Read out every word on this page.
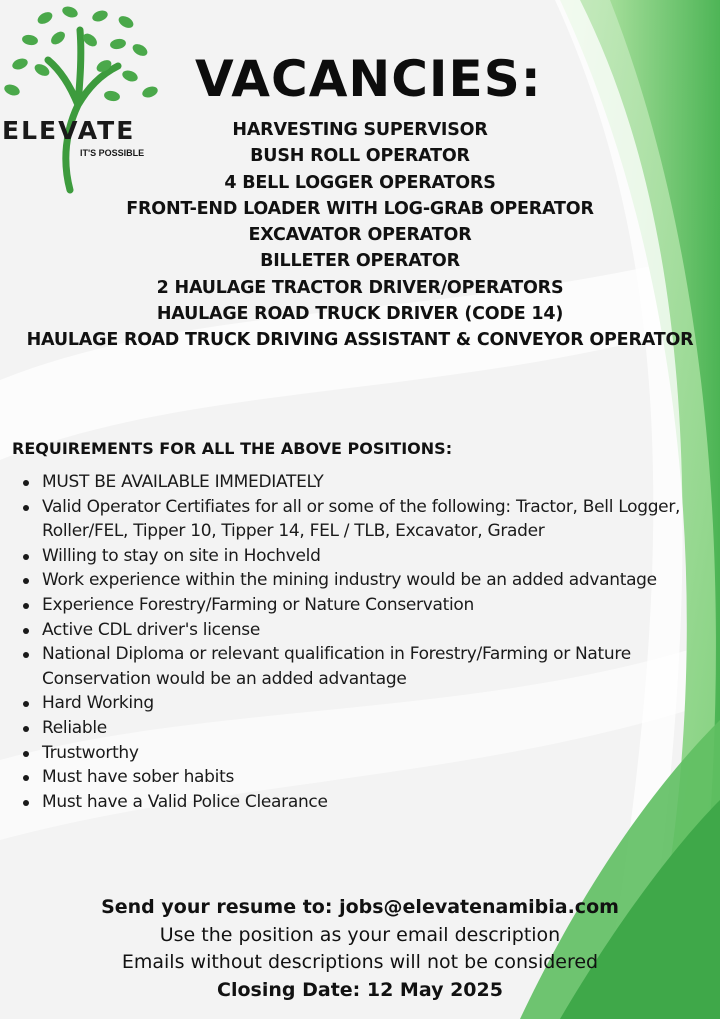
ELEVATE
IT'S POSSIBLE
VACANCIES:
HARVESTING SUPERVISOR
BUSH ROLL OPERATOR
4 BELL LOGGER OPERATORS
FRONT-END LOADER WITH LOG-GRAB OPERATOR
EXCAVATOR OPERATOR
BILLETER OPERATOR
2 HAULAGE TRACTOR DRIVER/OPERATORS
HAULAGE ROAD TRUCK DRIVER (CODE 14)
HAULAGE ROAD TRUCK DRIVING ASSISTANT & CONVEYOR OPERATOR
REQUIREMENTS FOR ALL THE ABOVE POSITIONS:
MUST BE AVAILABLE IMMEDIATELY
Valid Operator Certifiates for all or some of the following: Tractor, Bell Logger, Roller/FEL, Tipper 10, Tipper 14, FEL / TLB, Excavator, Grader
Willing to stay on site in Hochveld
Work experience within the mining industry would be an added advantage
Experience Forestry/Farming or Nature Conservation
Active CDL driver's license
National Diploma or relevant qualification in Forestry/Farming or Nature Conservation would be an added advantage
Hard Working
Reliable
Trustworthy
Must have sober habits
Must have a Valid Police Clearance
Send your resume to: jobs@elevatenamibia.com
Use the position as your email description
Emails without descriptions will not be considered
Closing Date: 12 May 2025
